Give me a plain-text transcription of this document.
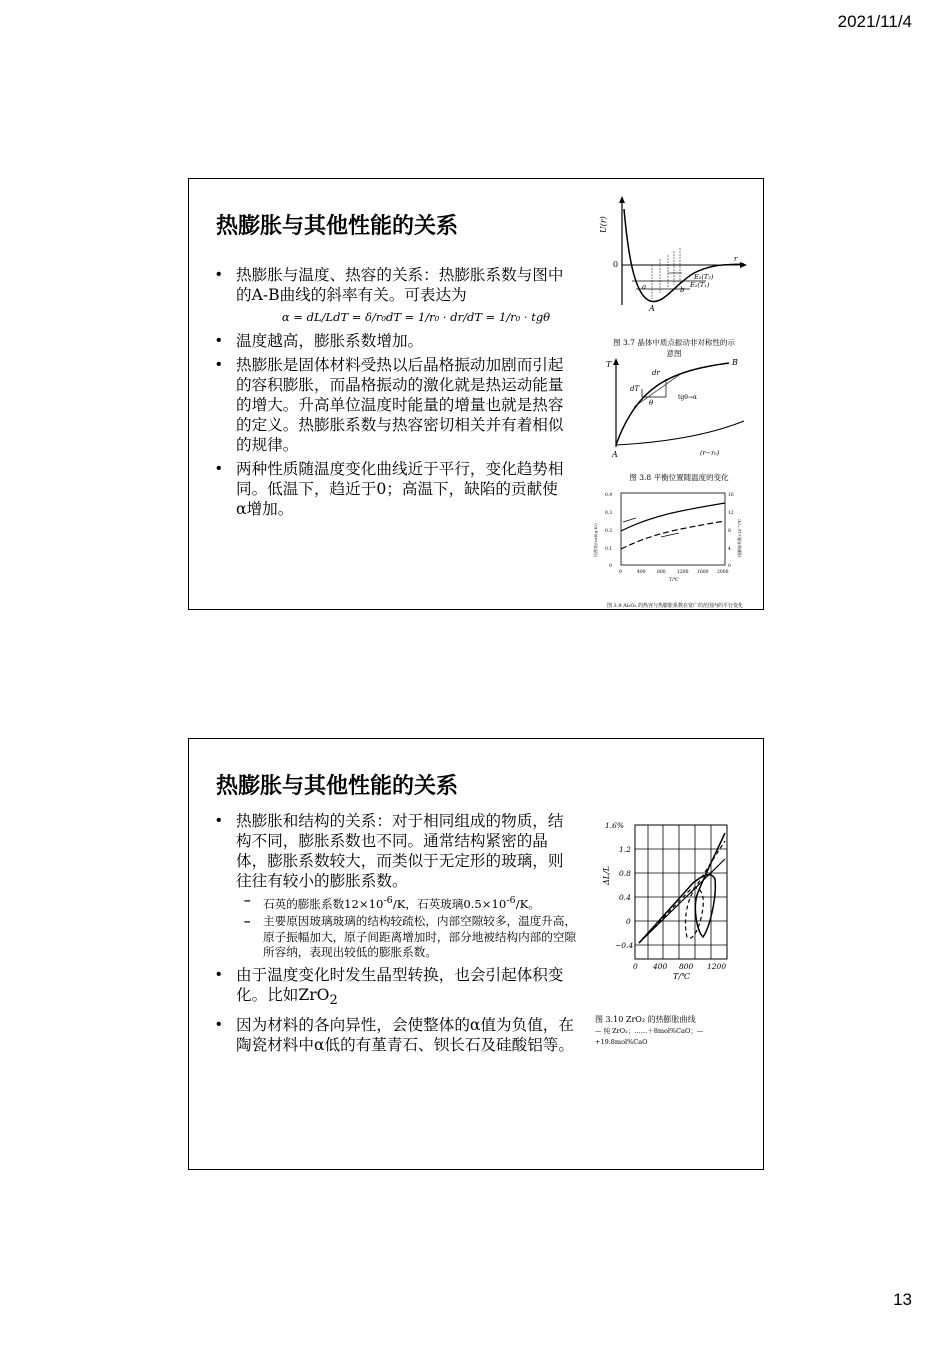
2021/11/4
热膨胀与其他性能的关系
• 热膨胀与温度、热容的关系：热膨胀系数与图中的A-B曲线的斜率有关。可表达为
α = dL/LdT = δ/r₀dT = 1/r₀ · dr/dT = 1/r₀ · tgθ
• 温度越高，膨胀系数增加。
• 热膨胀是固体材料受热以后晶格振动加剧而引起的容积膨胀，而晶格振动的激化就是热运动能量的增大。升高单位温度时能量的增量也就是热容的定义。热膨胀系数与热容密切相关并有着相似的规律。
• 两种性质随温度变化曲线近于平行，变化趋势相同。低温下，趋近于0；高温下，缺陷的贡献使α增加。
U(r)
0
a	b
A
r
E₂(T₂)
E₁(T₁)
图 3.7 晶体中质点振动非对称性的示意图
T
A
B
dr
dT
θ
tgθ→α
(r−r₀)
图 3.8 平衡位置随温度的变化
0.4
0.3
0.2
0.1
0
16
12
8
4
0
0	400	800	1200 1600 2000
T/℃
比热容/(cal/(g·K))	线膨胀系数×10⁻⁶/℃
图 3.9 Al₂O₃ 的热容与热膨胀系数在宽广的范围内的平行变化
热膨胀与其他性能的关系
• 热膨胀和结构的关系：对于相同组成的物质，结构不同，膨胀系数也不同。通常结构紧密的晶体，膨胀系数较大，而类似于无定形的玻璃，则往往有较小的膨胀系数。
– 石英的膨胀系数$12\times 10^{-6}/K$，石英玻璃$0.5\times 10^{-6}/K$。
– 主要原因玻璃玻璃的结构较疏松，内部空隙较多，温度升高，原子振幅加大，原子间距离增加时，部分地被结构内部的空隙所容纳，表现出较低的膨胀系数。
• 由于温度变化时发生晶型转换，也会引起体积变化。比如ZrO$_2$
• 因为材料的各向异性，会使整体的α值为负值，在陶瓷材料中α低的有堇青石、钡长石及硅酸铝等。
1.6%
1.2
0.8
0.4
0
−0.4
ΔL/L
0 400 800 1200
T/℃
图 3.10 ZrO₂ 的热膨胀曲线
— 纯 ZrO₂；……＋8mol%CaO；—
+19.8mol%CaO
13
